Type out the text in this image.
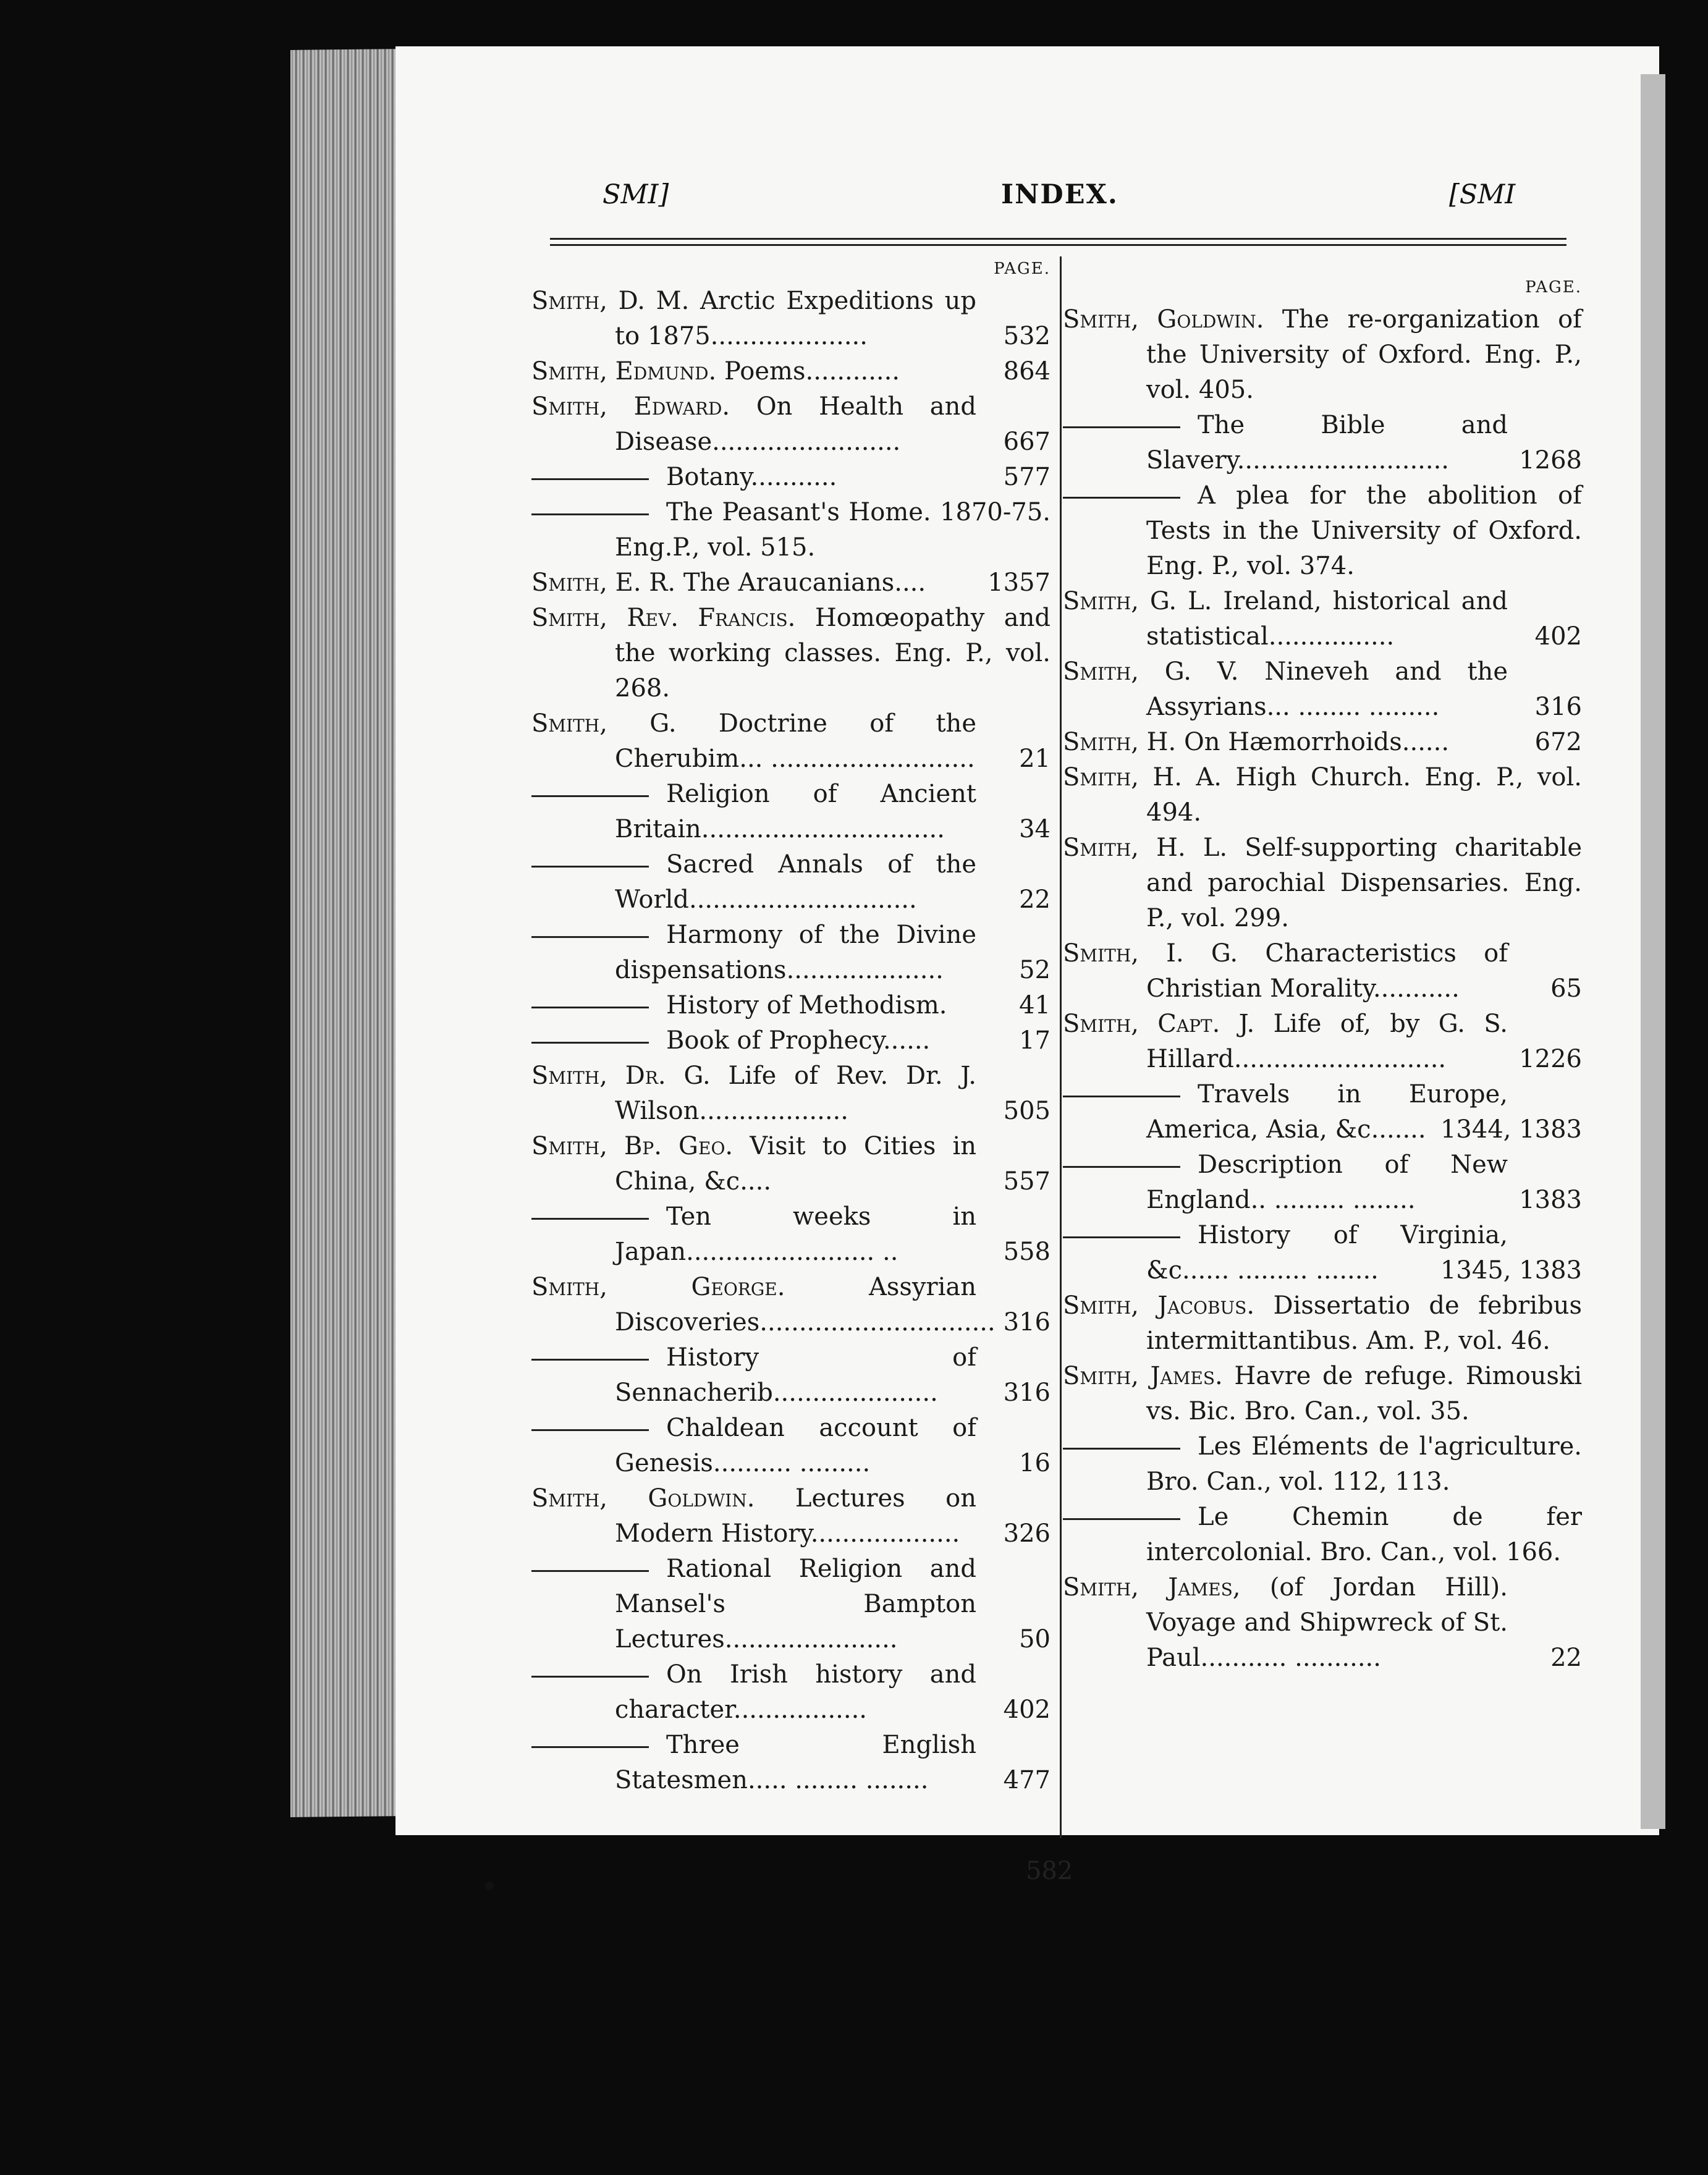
SMI]	INDEX.	[SMI
PAGE.
Smith, D. M. Arctic Expeditions up to 1875....................	532
Smith, Edmund. Poems............	864
Smith, Edward. On Health and Disease........................	667
Botany...........	577
The Peasant's Home. 1870-75. Eng.P., vol. 515.
Smith, E. R. The Araucanians....	1357
Smith, Rev. Francis. Homœopathy and the working classes. Eng. P., vol. 268.
Smith, G. Doctrine of the Cherubim... ..........................	21
Religion of Ancient Britain...............................	34
Sacred Annals of the World.............................	22
Harmony of the Divine dispensations....................	52
History of Methodism.	41
Book of Prophecy......	17
Smith, Dr. G. Life of Rev. Dr. J. Wilson...................	505
Smith, Bp. Geo. Visit to Cities in China, &c....	557
Ten weeks in Japan........................ ..	558
Smith, George.	Assyrian Discoveries.............................. 316
History of Sennacherib.....................	316
Chaldean account of Genesis.......... .........	16
Smith, Goldwin. Lectures on Modern History...................	326
Rational Religion and Mansel's Bampton Lectures......................	50
On Irish history and character.................	402
Three English Statesmen..... ........ ........	477
PAGE.
Smith, Goldwin. The re-organization of the University of Oxford. Eng. P., vol. 405.
The Bible and Slavery...........................	1268
A plea for the abolition of Tests in the University of Oxford. Eng. P., vol. 374.
Smith, G. L. Ireland, historical and statistical................	402
Smith, G. V. Nineveh and the Assyrians... ........ .........	316
Smith, H. On Hæmorrhoids......	672
Smith, H. A. High Church. Eng. P., vol. 494.
Smith, H. L. Self-supporting charitable and parochial Dispensaries. Eng. P., vol. 299.
Smith, I. G. Characteristics of Christian Morality...........	65
Smith, Capt. J. Life of, by G. S. Hillard...........................	1226
Travels in Europe, America, Asia, &c....... 1344, 1383
Description of New England.. ......... ........	1383
History of Virginia, &c...... ......... ........	1345, 1383
Smith, Jacobus. Dissertatio de febribus intermittantibus. Am. P., vol. 46.
Smith, James. Havre de refuge. Rimouski vs. Bic. Bro. Can., vol. 35.
Les Eléments de l'agriculture. Bro. Can., vol. 112, 113.
Le Chemin de fer intercolonial. Bro. Can., vol. 166.
Smith, James, (of Jordan Hill). Voyage and Shipwreck of St. Paul........... ...........	22
582
